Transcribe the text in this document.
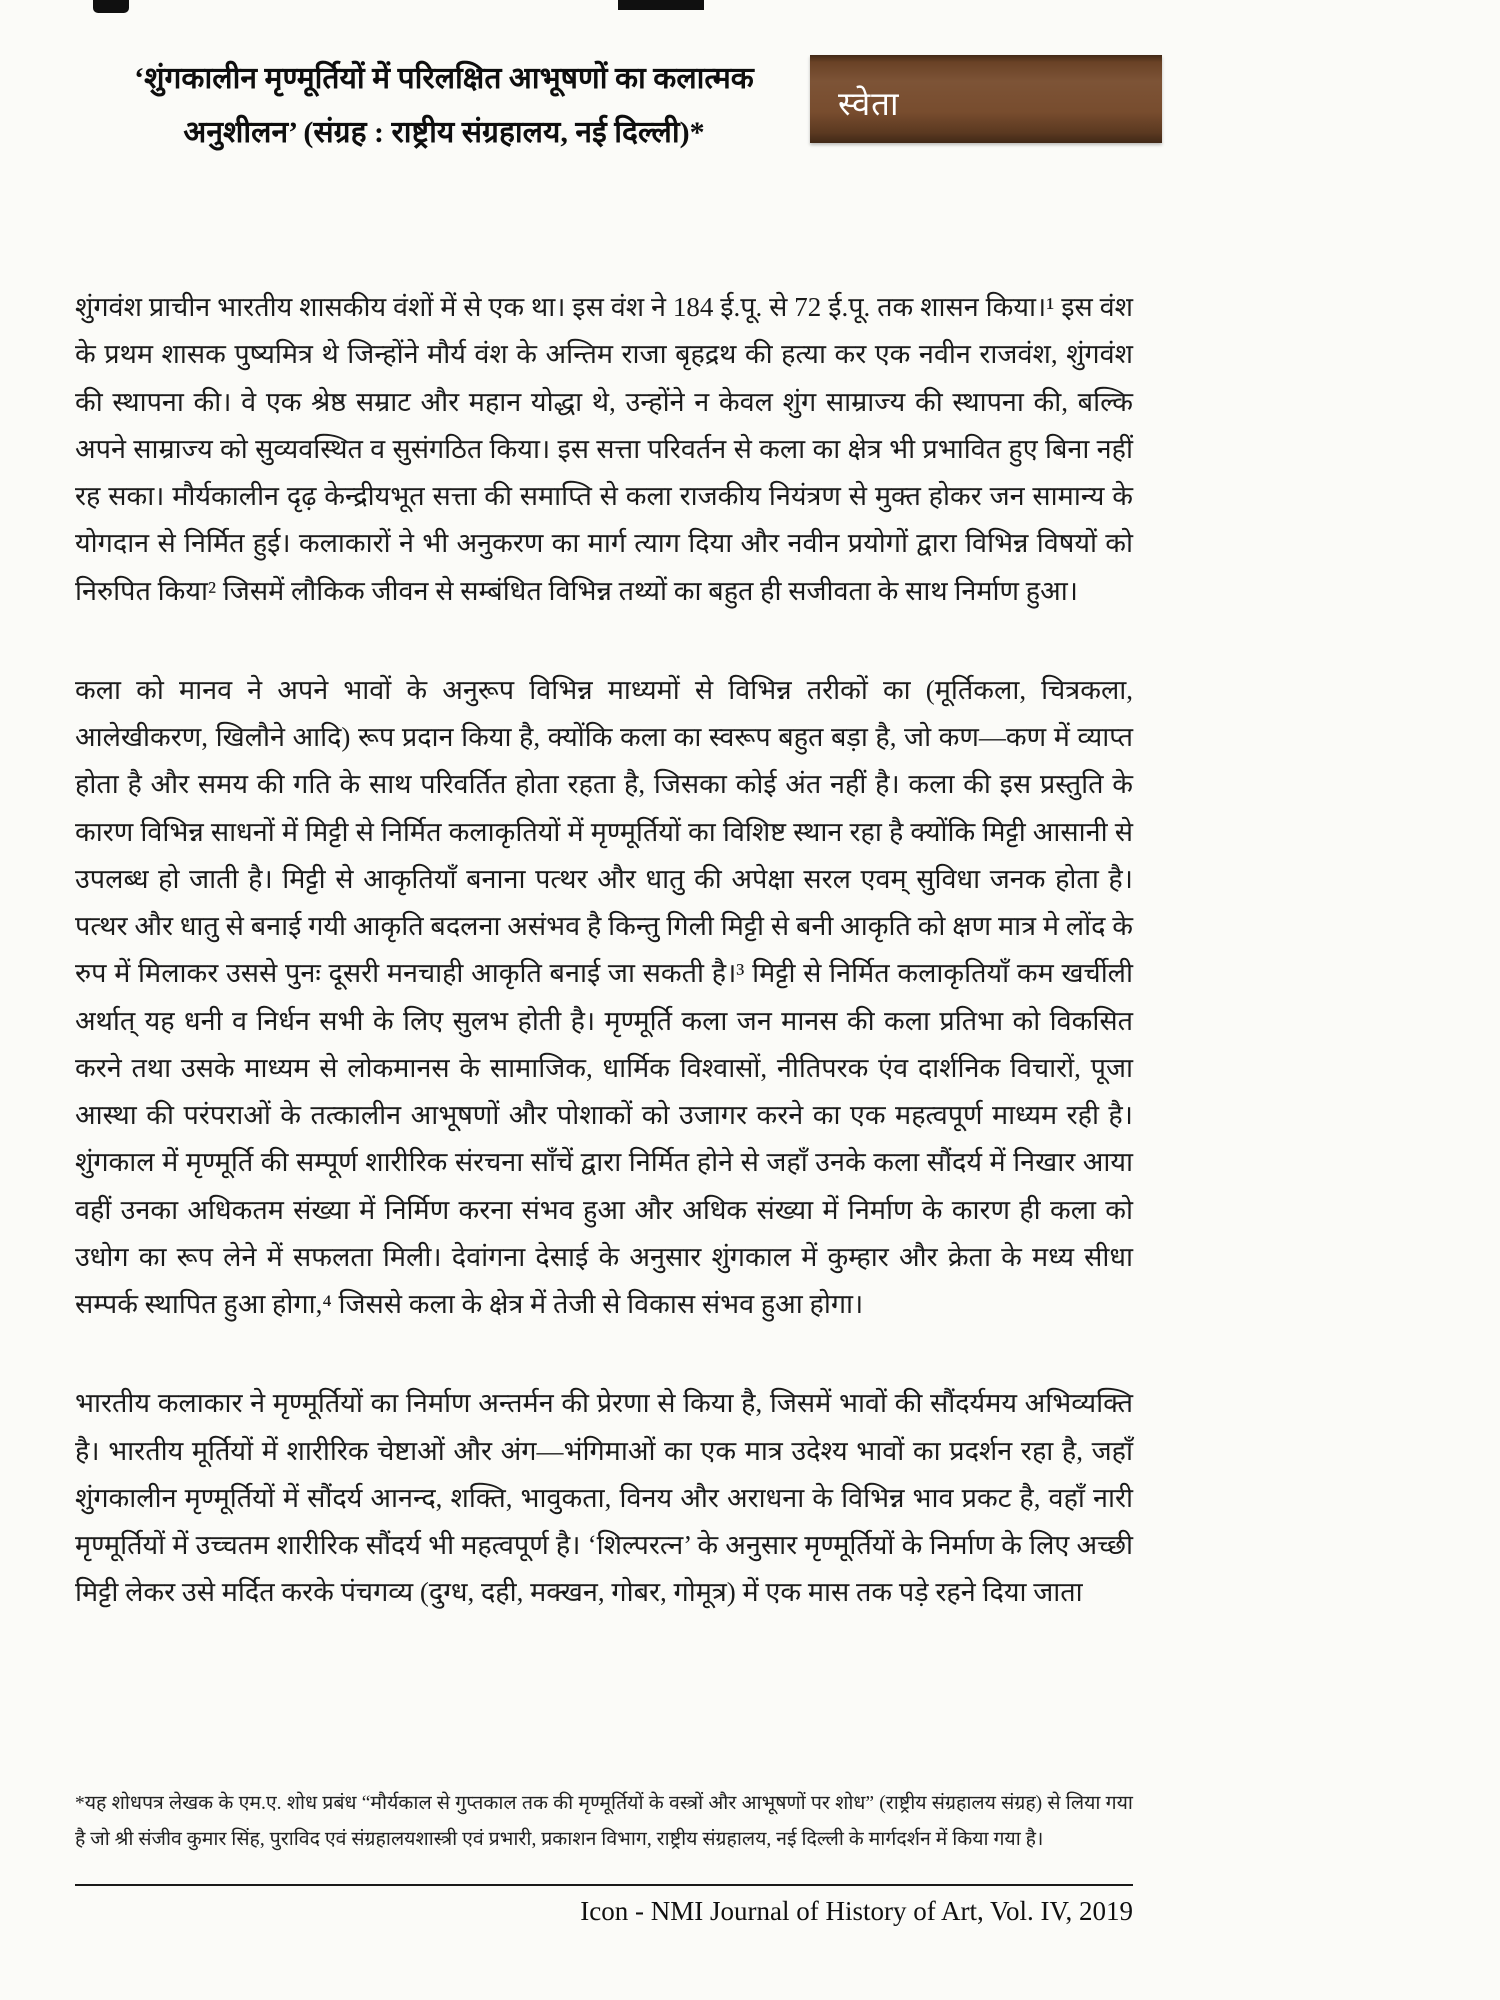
‘शुंगकालीन मृण्मूर्तियों में परिलक्षित आभूषणों का कलात्मक
अनुशीलन’ (संग्रह : राष्ट्रीय संग्रहालय, नई दिल्ली)*
स्वेता

शुंगवंश प्राचीन भारतीय शासकीय वंशों में से एक था। इस वंश ने 184 ई.पू. से 72 ई.पू. तक शासन किया।¹ इस वंश के प्रथम शासक पुष्यमित्र थे जिन्होंने मौर्य वंश के अन्तिम राजा बृहद्रथ की हत्या कर एक नवीन राजवंश, शुंगवंश की स्थापना की। वे एक श्रेष्ठ सम्राट और महान योद्धा थे, उन्होंने न केवल शुंग साम्राज्य की स्थापना की, बल्कि अपने साम्राज्य को सुव्यवस्थित व सुसंगठित किया। इस सत्ता परिवर्तन से कला का क्षेत्र भी प्रभावित हुए बिना नहीं रह सका। मौर्यकालीन दृढ़ केन्द्रीयभूत सत्ता की समाप्ति से कला राजकीय नियंत्रण से मुक्त होकर जन सामान्य के योगदान से निर्मित हुई। कलाकारों ने भी अनुकरण का मार्ग त्याग दिया और नवीन प्रयोगों द्वारा विभिन्न विषयों को निरुपित किया² जिसमें लौकिक जीवन से सम्बंधित विभिन्न तथ्यों का बहुत ही सजीवता के साथ निर्माण हुआ।

कला को मानव ने अपने भावों के अनुरूप विभिन्न माध्यमों से विभिन्न तरीकों का (मूर्तिकला, चित्रकला, आलेखीकरण, खिलौने आदि) रूप प्रदान किया है, क्योंकि कला का स्वरूप बहुत बड़ा है, जो कण—कण में व्याप्त होता है और समय की गति के साथ परिवर्तित होता रहता है, जिसका कोई अंत नहीं है। कला की इस प्रस्तुति के कारण विभिन्न साधनों में मिट्टी से निर्मित कलाकृतियों में मृण्मूर्तियों का विशिष्ट स्थान रहा है क्योंकि मिट्टी आसानी से उपलब्ध हो जाती है। मिट्टी से आकृतियाँ बनाना पत्थर और धातु की अपेक्षा सरल एवम् सुविधा जनक होता है। पत्थर और धातु से बनाई गयी आकृति बदलना असंभव है किन्तु गिली मिट्टी से बनी आकृति को क्षण मात्र मे लोंद के रुप में मिलाकर उससे पुनः दूसरी मनचाही आकृति बनाई जा सकती है।³ मिट्टी से निर्मित कलाकृतियाँ कम खर्चीली अर्थात् यह धनी व निर्धन सभी के लिए सुलभ होती है। मृण्मूर्ति कला जन मानस की कला प्रतिभा को विकसित करने तथा उसके माध्यम से लोकमानस के सामाजिक, धार्मिक विश्वासों, नीतिपरक एंव दार्शनिक विचारों, पूजा आस्था की परंपराओं के तत्कालीन आभूषणों और पोशाकों को उजागर करने का एक महत्वपूर्ण माध्यम रही है। शुंगकाल में मृण्मूर्ति की सम्पूर्ण शारीरिक संरचना साँचें द्वारा निर्मित होने से जहाँ उनके कला सौंदर्य में निखार आया वहीं उनका अधिकतम संख्या में निर्मिण करना संभव हुआ और अधिक संख्या में निर्माण के कारण ही कला को उधोग का रूप लेने में सफलता मिली। देवांगना देसाई के अनुसार शुंगकाल में कुम्हार और क्रेता के मध्य सीधा सम्पर्क स्थापित हुआ होगा,⁴ जिससे कला के क्षेत्र में तेजी से विकास संभव हुआ होगा।

भारतीय कलाकार ने मृण्मूर्तियों का निर्माण अन्तर्मन की प्रेरणा से किया है, जिसमें भावों की सौंदर्यमय अभिव्यक्ति है। भारतीय मूर्तियों में शारीरिक चेष्टाओं और अंग—भंगिमाओं का एक मात्र उदेश्य भावों का प्रदर्शन रहा है, जहाँ शुंगकालीन मृण्मूर्तियों में सौंदर्य आनन्द, शक्ति, भावुकता, विनय और अराधना के विभिन्न भाव प्रकट है, वहाँ नारी मृण्मूर्तियों में उच्चतम शारीरिक सौंदर्य भी महत्वपूर्ण है। ‘शिल्परत्न’ के अनुसार मृण्मूर्तियों के निर्माण के लिए अच्छी मिट्टी लेकर उसे मर्दित करके पंचगव्य (दुग्ध, दही, मक्खन, गोबर, गोमूत्र) में एक मास तक पड़े रहने दिया जाता

*यह शोधपत्र लेखक के एम.ए. शोध प्रबंध “मौर्यकाल से गुप्तकाल तक की मृण्मूर्तियों के वस्त्रों और आभूषणों पर शोध” (राष्ट्रीय संग्रहालय संग्रह) से लिया गया है जो श्री संजीव कुमार सिंह, पुराविद एवं संग्रहालयशास्त्री एवं प्रभारी, प्रकाशन विभाग, राष्ट्रीय संग्रहालय, नई दिल्ली के मार्गदर्शन में किया गया है।
Icon - NMI Journal of History of Art, Vol. IV, 2019
